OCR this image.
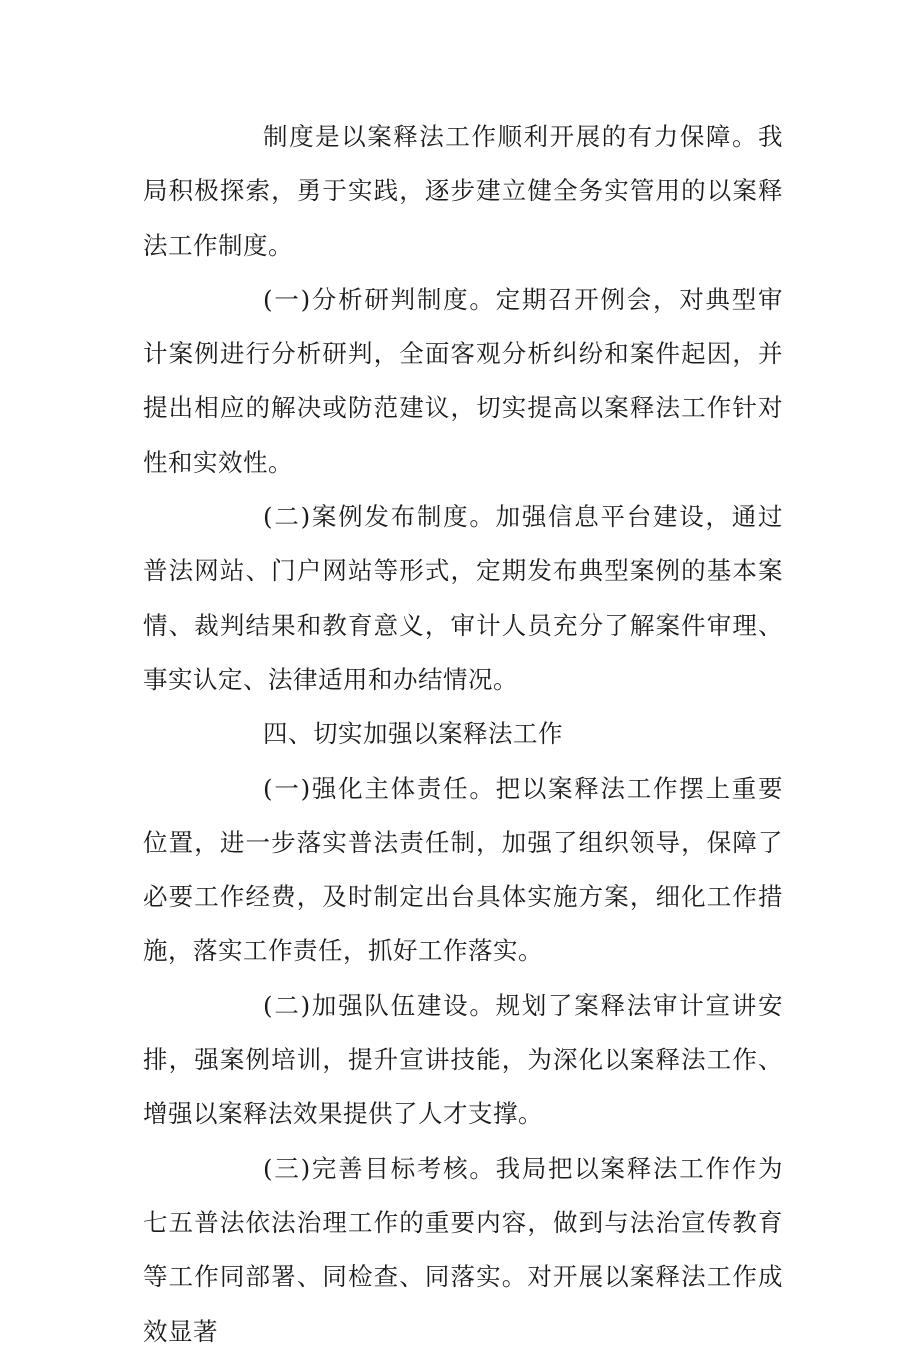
制度是以案释法工作顺利开展的有力保障。我局积极探索，勇于实践，逐步建立健全务实管用的以案释法工作制度。

(一)分析研判制度。定期召开例会，对典型审计案例进行分析研判，全面客观分析纠纷和案件起因，并提出相应的解决或防范建议，切实提高以案释法工作针对性和实效性。

(二)案例发布制度。加强信息平台建设，通过普法网站、门户网站等形式，定期发布典型案例的基本案情、裁判结果和教育意义，审计人员充分了解案件审理、事实认定、法律适用和办结情况。

四、切实加强以案释法工作

(一)强化主体责任。把以案释法工作摆上重要位置，进一步落实普法责任制，加强了组织领导，保障了必要工作经费，及时制定出台具体实施方案，细化工作措施，落实工作责任，抓好工作落实。

(二)加强队伍建设。规划了案释法审计宣讲安排，强案例培训，提升宣讲技能，为深化以案释法工作、增强以案释法效果提供了人才支撑。

(三)完善目标考核。我局把以案释法工作作为七五普法依法治理工作的重要内容，做到与法治宣传教育等工作同部署、同检查、同落实。对开展以案释法工作成效显著
